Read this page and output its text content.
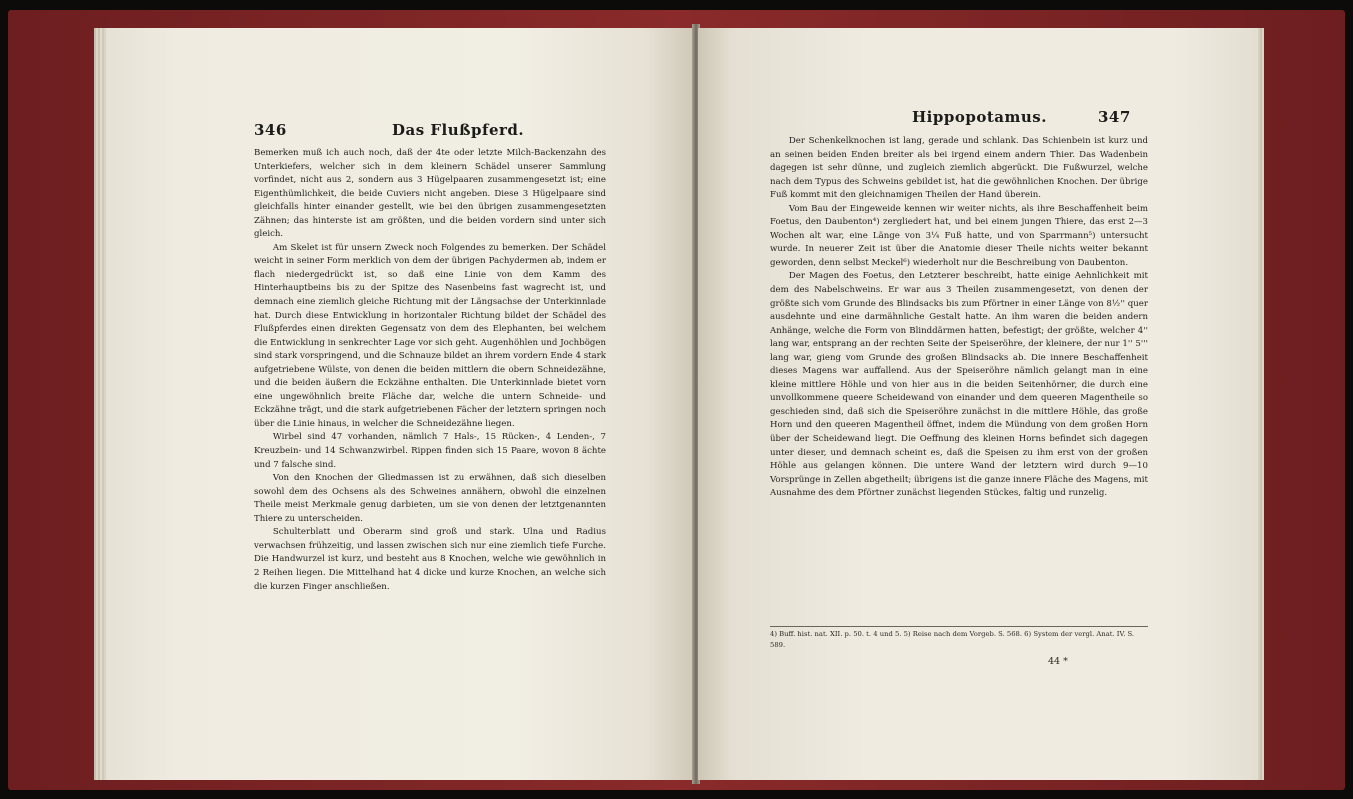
346	Das Flußpferd.

Bemerken muß ich auch noch, daß der 4te oder letzte Milch-Backenzahn des Unterkiefers, welcher sich in dem kleinern Schädel unserer Sammlung vorfindet, nicht aus 2, sondern aus 3 Hügelpaaren zusammengesetzt ist; eine Eigenthümlichkeit, die beide Cuviers nicht angeben. Diese 3 Hügelpaare sind gleichfalls hinter einander gestellt, wie bei den übrigen zusammengesetzten Zähnen; das hinterste ist am größten, und die beiden vordern sind unter sich gleich.

Am Skelet ist für unsern Zweck noch Folgendes zu bemerken. Der Schädel weicht in seiner Form merklich von dem der übrigen Pachydermen ab, indem er flach niedergedrückt ist, so daß eine Linie von dem Kamm des Hinterhauptbeins bis zu der Spitze des Nasenbeins fast wagrecht ist, und demnach eine ziemlich gleiche Richtung mit der Längsachse der Unterkinnlade hat. Durch diese Entwicklung in horizontaler Richtung bildet der Schädel des Flußpferdes einen direkten Gegensatz von dem des Elephanten, bei welchem die Entwicklung in senkrechter Lage vor sich geht. Augenhöhlen und Jochbögen sind stark vorspringend, und die Schnauze bildet an ihrem vordern Ende 4 stark aufgetriebene Wülste, von denen die beiden mittlern die obern Schneidezähne, und die beiden äußern die Eckzähne enthalten. Die Unterkinnlade bietet vorn eine ungewöhnlich breite Fläche dar, welche die untern Schneide- und Eckzähne trägt, und die stark aufgetriebenen Fächer der letztern springen noch über die Linie hinaus, in welcher die Schneidezähne liegen.

Wirbel sind 47 vorhanden, nämlich 7 Hals-, 15 Rücken-, 4 Lenden-, 7 Kreuzbein- und 14 Schwanzwirbel. Rippen finden sich 15 Paare, wovon 8 ächte und 7 falsche sind.

Von den Knochen der Gliedmassen ist zu erwähnen, daß sich dieselben sowohl dem des Ochsens als des Schweines annähern, obwohl die einzelnen Theile meist Merkmale genug darbieten, um sie von denen der letztgenannten Thiere zu unterscheiden.

Schulterblatt und Oberarm sind groß und stark. Ulna und Radius verwachsen frühzeitig, und lassen zwischen sich nur eine ziemlich tiefe Furche. Die Handwurzel ist kurz, und besteht aus 8 Knochen, welche wie gewöhnlich in 2 Reihen liegen. Die Mittelhand hat 4 dicke und kurze Knochen, an welche sich die kurzen Finger anschließen.

Hippopotamus.	347

Der Schenkelknochen ist lang, gerade und schlank. Das Schienbein ist kurz und an seinen beiden Enden breiter als bei irgend einem andern Thier. Das Wadenbein dagegen ist sehr dünne, und zugleich ziemlich abgerückt. Die Fußwurzel, welche nach dem Typus des Schweins gebildet ist, hat die gewöhnlichen Knochen. Der übrige Fuß kommt mit den gleichnamigen Theilen der Hand überein.

Vom Bau der Eingeweide kennen wir weiter nichts, als ihre Beschaffenheit beim Foetus, den Daubenton⁴) zergliedert hat, und bei einem jungen Thiere, das erst 2—3 Wochen alt war, eine Länge von 3¼ Fuß hatte, und von Sparrmann⁵) untersucht wurde. In neuerer Zeit ist über die Anatomie dieser Theile nichts weiter bekannt geworden, denn selbst Meckel⁶) wiederholt nur die Beschreibung von Daubenton.

Der Magen des Foetus, den Letzterer beschreibt, hatte einige Aehnlichkeit mit dem des Nabelschweins. Er war aus 3 Theilen zusammengesetzt, von denen der größte sich vom Grunde des Blindsacks bis zum Pförtner in einer Länge von 8½'' quer ausdehnte und eine darmähnliche Gestalt hatte. An ihm waren die beiden andern Anhänge, welche die Form von Blinddärmen hatten, befestigt; der größte, welcher 4'' lang war, entsprang an der rechten Seite der Speiseröhre, der kleinere, der nur 1'' 5''' lang war, gieng vom Grunde des großen Blindsacks ab. Die innere Beschaffenheit dieses Magens war auffallend. Aus der Speiseröhre nämlich gelangt man in eine kleine mittlere Höhle und von hier aus in die beiden Seitenhörner, die durch eine unvollkommene queere Scheidewand von einander und dem queeren Magentheile so geschieden sind, daß sich die Speiseröhre zunächst in die mittlere Höhle, das große Horn und den queeren Magentheil öffnet, indem die Mündung von dem großen Horn über der Scheidewand liegt. Die Oeffnung des kleinen Horns befindet sich dagegen unter dieser, und demnach scheint es, daß die Speisen zu ihm erst von der großen Höhle aus gelangen können. Die untere Wand der letztern wird durch 9—10 Vorsprünge in Zellen abgetheilt; übrigens ist die ganze innere Fläche des Magens, mit Ausnahme des dem Pförtner zunächst liegenden Stückes, faltig und runzelig.

4) Buff. hist. nat. XII. p. 50. t. 4 und 5. 5) Reise nach dem Vorgeb. S. 568. 6) System der vergl. Anat. IV. S. 589.
44 *
